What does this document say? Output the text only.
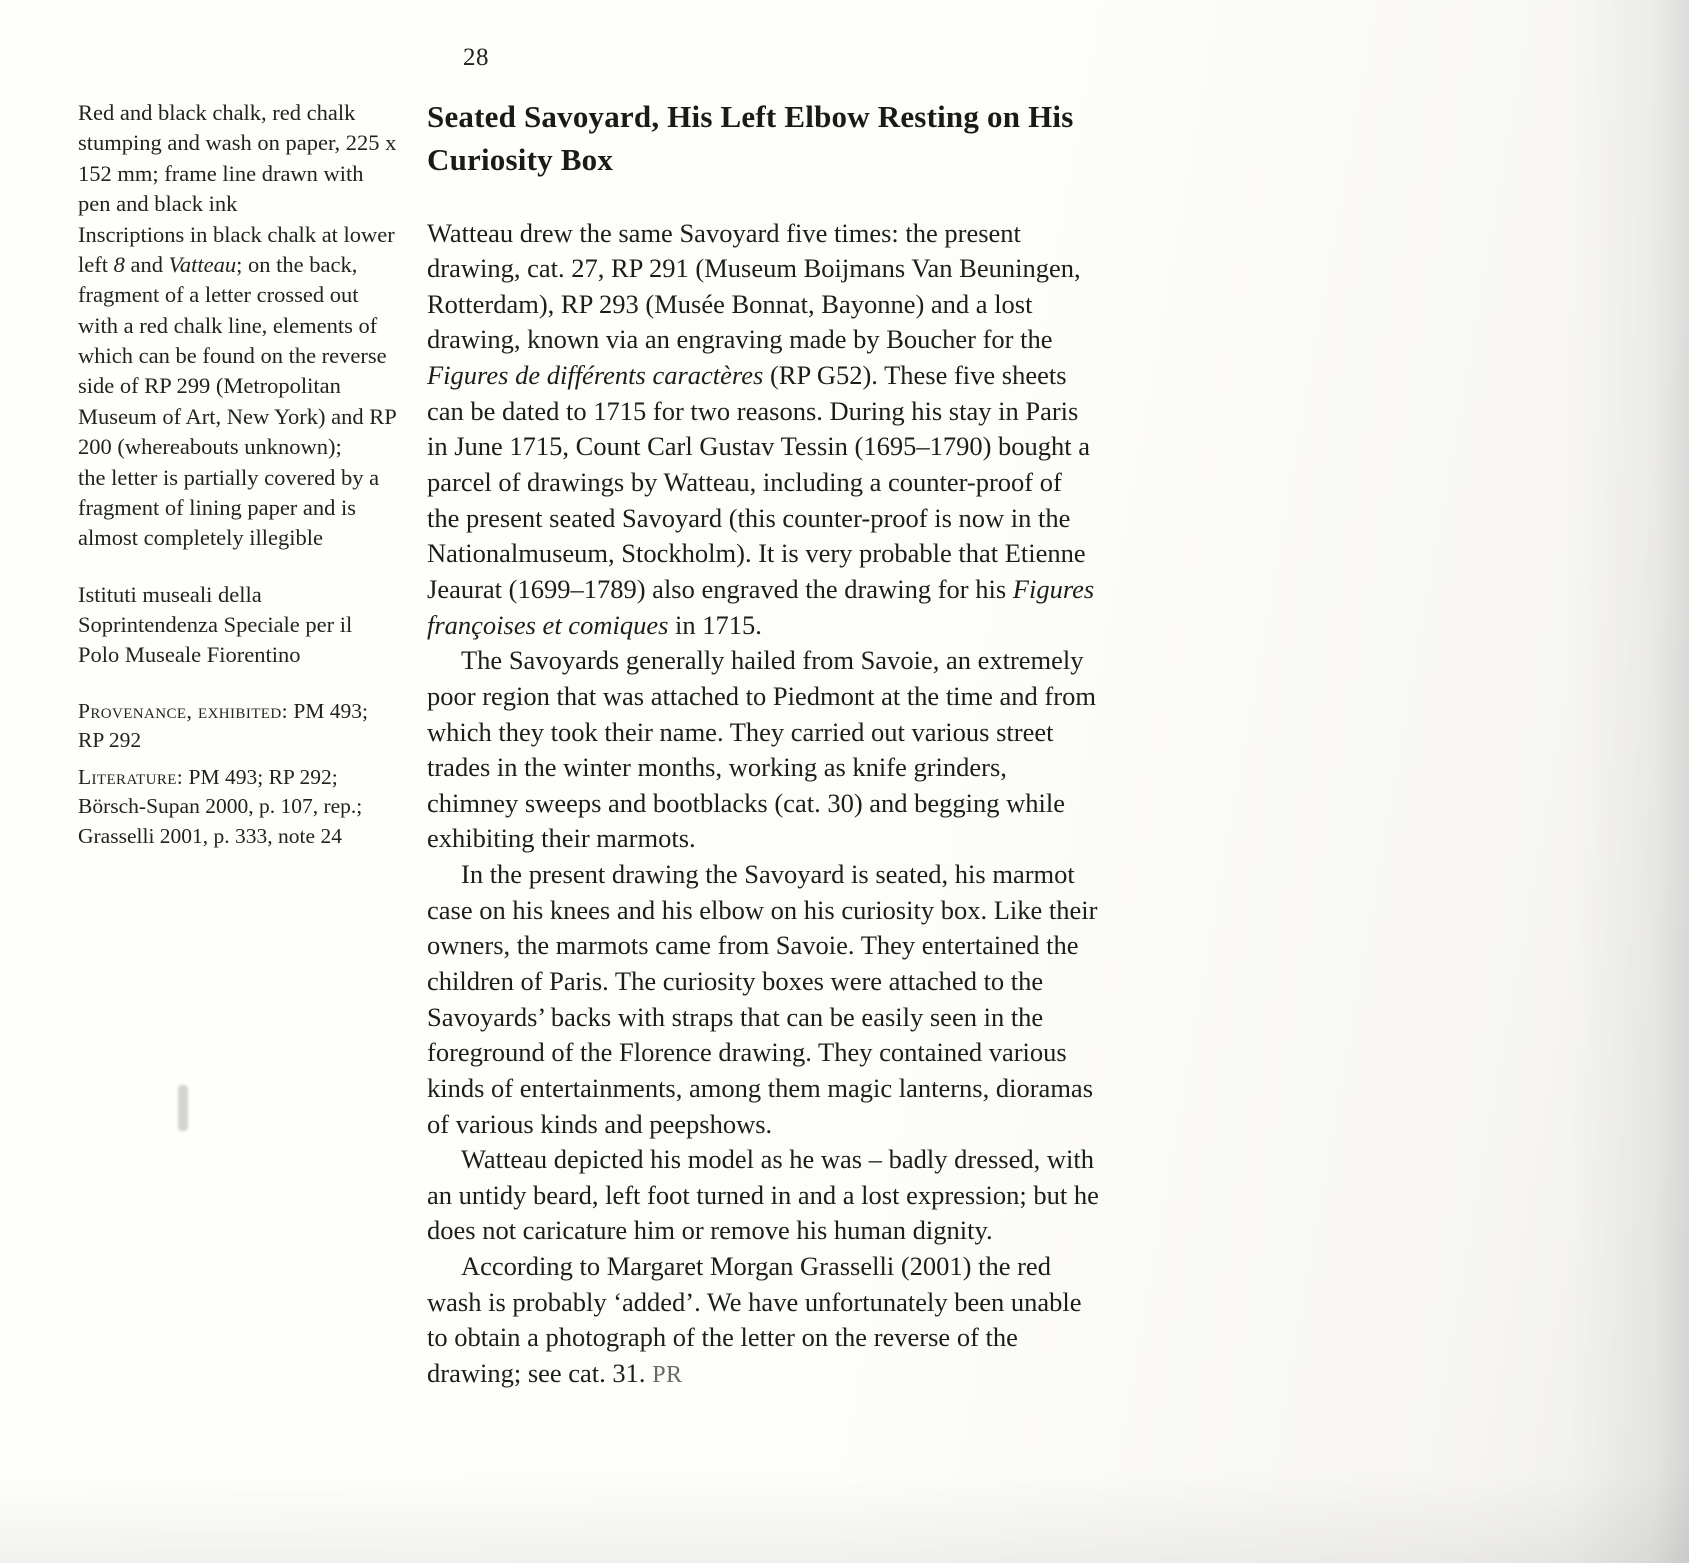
28

Red and black chalk, red chalk stumping and wash on paper, 225 x 152 mm; frame line drawn with pen and black ink

Inscriptions in black chalk at lower left 8 and Vatteau; on the back, fragment of a letter crossed out with a red chalk line, elements of which can be found on the reverse side of RP 299 (Metropolitan Museum of Art, New York) and RP 200 (whereabouts unknown);

the letter is partially covered by a fragment of lining paper and is almost completely illegible

Istituti museali della Soprintendenza Speciale per il Polo Museale Fiorentino

Provenance, exhibited: PM 493; RP 292

Literature: PM 493; RP 292; Börsch-Supan 2000, p. 107, rep.; Grasselli 2001, p. 333, note 24

Seated Savoyard, His Left Elbow Resting on His Curiosity Box

Watteau drew the same Savoyard five times: the present drawing, cat. 27, RP 291 (Museum Boijmans Van Beuningen, Rotterdam), RP 293 (Musée Bonnat, Bayonne) and a lost drawing, known via an engraving made by Boucher for the Figures de différents caractères (RP G52). These five sheets can be dated to 1715 for two reasons. During his stay in Paris in June 1715, Count Carl Gustav Tessin (1695–1790) bought a parcel of drawings by Watteau, including a counter-proof of the present seated Savoyard (this counter-proof is now in the Nationalmuseum, Stockholm). It is very probable that Etienne Jeaurat (1699–1789) also engraved the drawing for his Figures françoises et comiques in 1715.

The Savoyards generally hailed from Savoie, an extremely poor region that was attached to Piedmont at the time and from which they took their name. They carried out various street trades in the winter months, working as knife grinders, chimney sweeps and bootblacks (cat. 30) and begging while exhibiting their marmots.

In the present drawing the Savoyard is seated, his marmot case on his knees and his elbow on his curiosity box. Like their owners, the marmots came from Savoie. They entertained the children of Paris. The curiosity boxes were attached to the Savoyards’ backs with straps that can be easily seen in the foreground of the Florence drawing. They contained various kinds of entertainments, among them magic lanterns, dioramas of various kinds and peepshows.

Watteau depicted his model as he was – badly dressed, with an untidy beard, left foot turned in and a lost expression; but he does not caricature him or remove his human dignity.

According to Margaret Morgan Grasselli (2001) the red wash is probably ‘added’. We have unfortunately been unable to obtain a photograph of the letter on the reverse of the drawing; see cat. 31. PR
